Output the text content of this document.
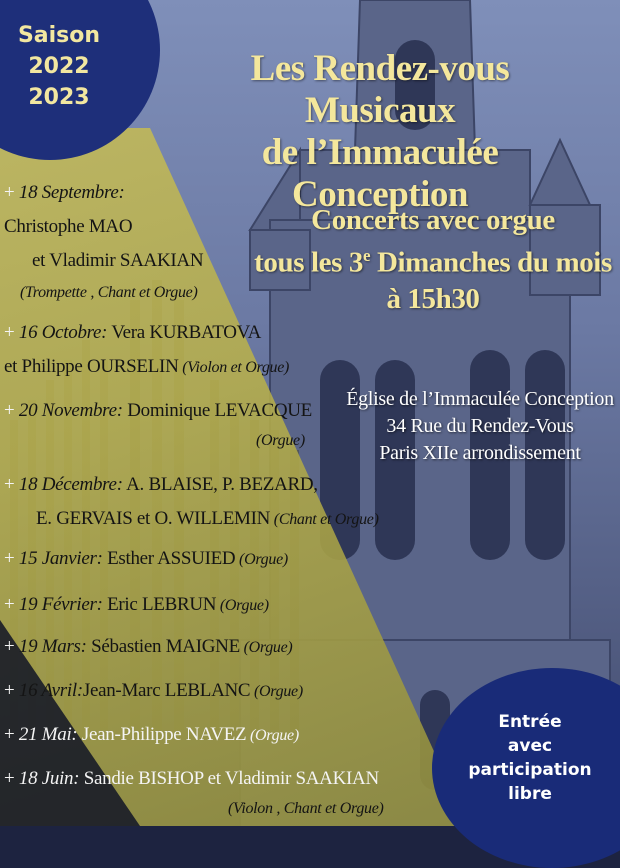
Saison
2022
2023
Les Rendez-vous Musicaux
de l’Immaculée Conception
Concerts avec orgue
tous les 3e Dimanches du mois
à 15h30
Église de l’Immaculée Conception
34 Rue du Rendez-Vous
Paris XIIe arrondissement
+ 18 Septembre:
Christophe MAO
et Vladimir SAAKIAN
(Trompette , Chant et Orgue)
+ 16 Octobre: Vera KURBATOVA
et Philippe OURSELIN (Violon et Orgue)
+ 20 Novembre: Dominique LEVACQUE
(Orgue)
+ 18 Décembre: A. BLAISE, P. BEZARD,
E. GERVAIS et O. WILLEMIN (Chant et Orgue)
+ 15 Janvier: Esther ASSUIED (Orgue)
+ 19 Février: Eric LEBRUN (Orgue)
+ 19 Mars: Sébastien MAIGNE (Orgue)
+ 16 Avril:Jean-Marc LEBLANC (Orgue)
+ 21 Mai: Jean-Philippe NAVEZ (Orgue)
+ 18 Juin: Sandie BISHOP et Vladimir SAAKIAN
(Violon , Chant et Orgue)
Entrée
avec
participation
libre
